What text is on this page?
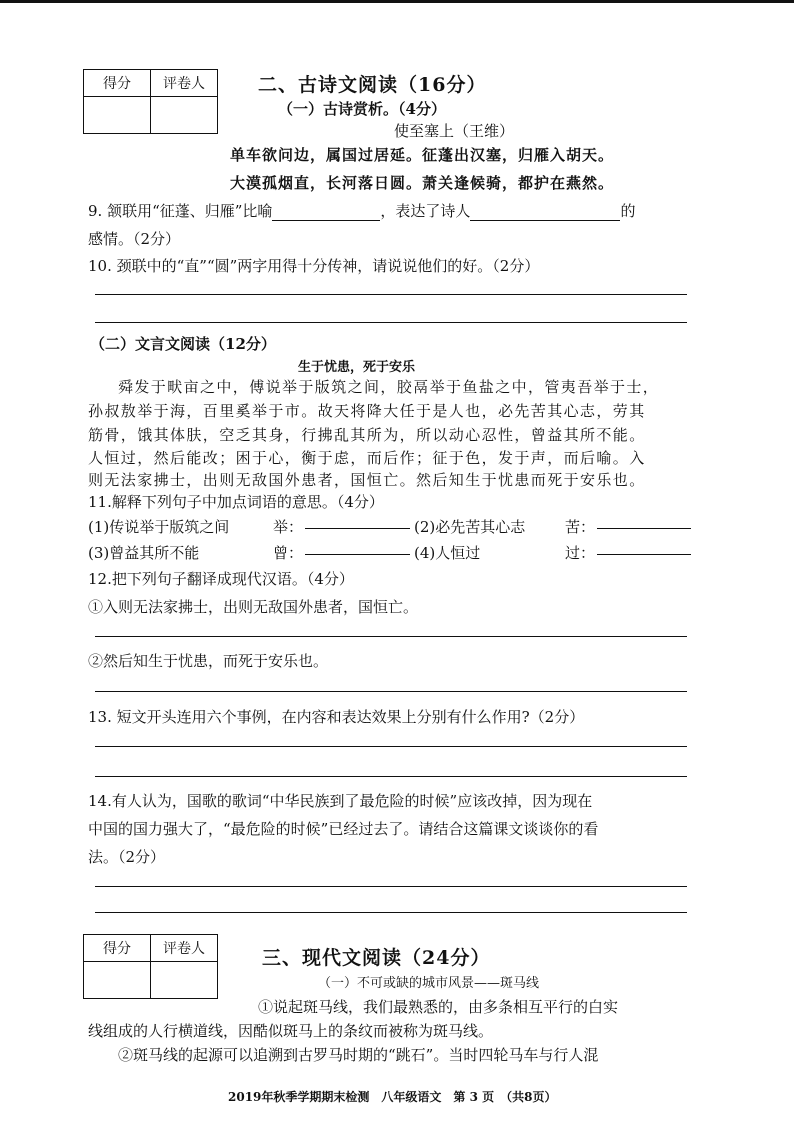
得分	评卷人
		二、古诗文阅读（16分）
（一）古诗赏析。（4分）
使至塞上（王维）
单车欲问边，属国过居延。征蓬出汉塞，归雁入胡天。
大漠孤烟直，长河落日圆。萧关逢候骑，都护在燕然。
9. 颔联用“征蓬、归雁”比喻	，表达了诗人	的
感情。（2分）
10. 颈联中的“直”“圆”两字用得十分传神，请说说他们的好。（2分）
（二）文言文阅读（12分）
生于忧患，死于安乐
舜发于畎亩之中，傅说举于版筑之间，胶鬲举于鱼盐之中，管夷吾举于士，
孙叔敖举于海，百里奚举于市。故天将降大任于是人也，必先苦其心志，劳其
筋骨，饿其体肤，空乏其身，行拂乱其所为，所以动心忍性，曾益其所不能。
人恒过，然后能改；困于心，衡于虑，而后作；征于色，发于声，而后喻。入
则无法家拂士，出则无敌国外患者，国恒亡。然后知生于忧患而死于安乐也。
11.解释下列句子中加点词语的意思。（4分）
(1)传说举于版筑之间	举：	(2)必先苦其心志	苦：
(3)曾益其所不能	曾：	(4)人恒过	过：
12.把下列句子翻译成现代汉语。（4分）
①入则无法家拂士，出则无敌国外患者，国恒亡。
②然后知生于忧患，而死于安乐也。
13. 短文开头连用六个事例，在内容和表达效果上分别有什么作用?（2分）
14.有人认为，国歌的歌词“中华民族到了最危险的时候”应该改掉，因为现在
中国的国力强大了，“最危险的时候”已经过去了。请结合这篇课文谈谈你的看
法。（2分）
得分	评卷人
		三、现代文阅读（24分）
（一）不可或缺的城市风景——斑马线
①说起斑马线，我们最熟悉的，由多条相互平行的白实
线组成的人行横道线，因酷似斑马上的条纹而被称为斑马线。
②斑马线的起源可以追溯到古罗马时期的“跳石”。当时四轮马车与行人混
2019年秋季学期期末检测　八年级语文　第 3 页　（共8页）
